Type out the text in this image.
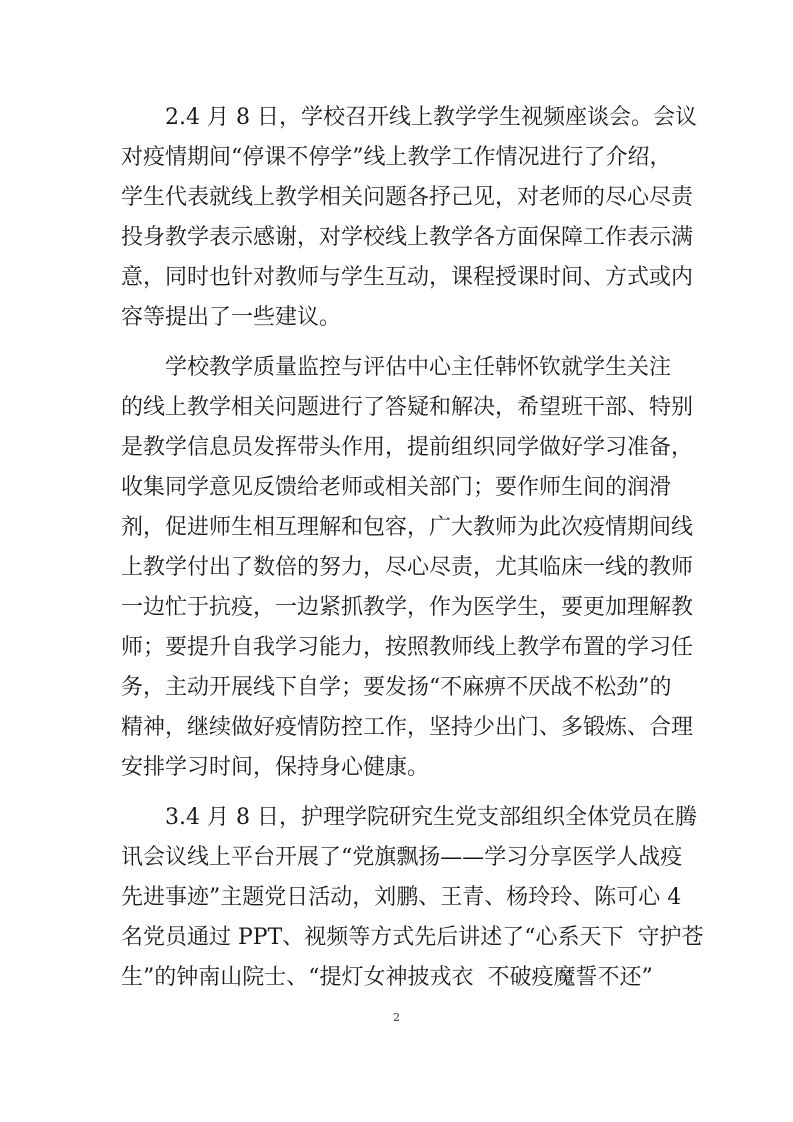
2.4 月 8 日，学校召开线上教学学生视频座谈会。会议
对疫情期间“停课不停学”线上教学工作情况进行了介绍，
学生代表就线上教学相关问题各抒己见，对老师的尽心尽责
投身教学表示感谢，对学校线上教学各方面保障工作表示满
意，同时也针对教师与学生互动，课程授课时间、方式或内
容等提出了一些建议。
学校教学质量监控与评估中心主任韩怀钦就学生关注
的线上教学相关问题进行了答疑和解决，希望班干部、特别
是教学信息员发挥带头作用，提前组织同学做好学习准备，
收集同学意见反馈给老师或相关部门；要作师生间的润滑
剂，促进师生相互理解和包容，广大教师为此次疫情期间线
上教学付出了数倍的努力，尽心尽责，尤其临床一线的教师
一边忙于抗疫，一边紧抓教学，作为医学生，要更加理解教
师；要提升自我学习能力，按照教师线上教学布置的学习任
务，主动开展线下自学；要发扬“不麻痹不厌战不松劲”的
精神，继续做好疫情防控工作，坚持少出门、多锻炼、合理
安排学习时间，保持身心健康。
3.4 月 8 日，护理学院研究生党支部组织全体党员在腾
讯会议线上平台开展了“党旗飘扬——学习分享医学人战疫
先进事迹”主题党日活动，刘鹏、王青、杨玲玲、陈可心 4
名党员通过 PPT、视频等方式先后讲述了“心系天下  守护苍
生”的钟南山院士、“提灯女神披戎衣  不破疫魔誓不还”
2
